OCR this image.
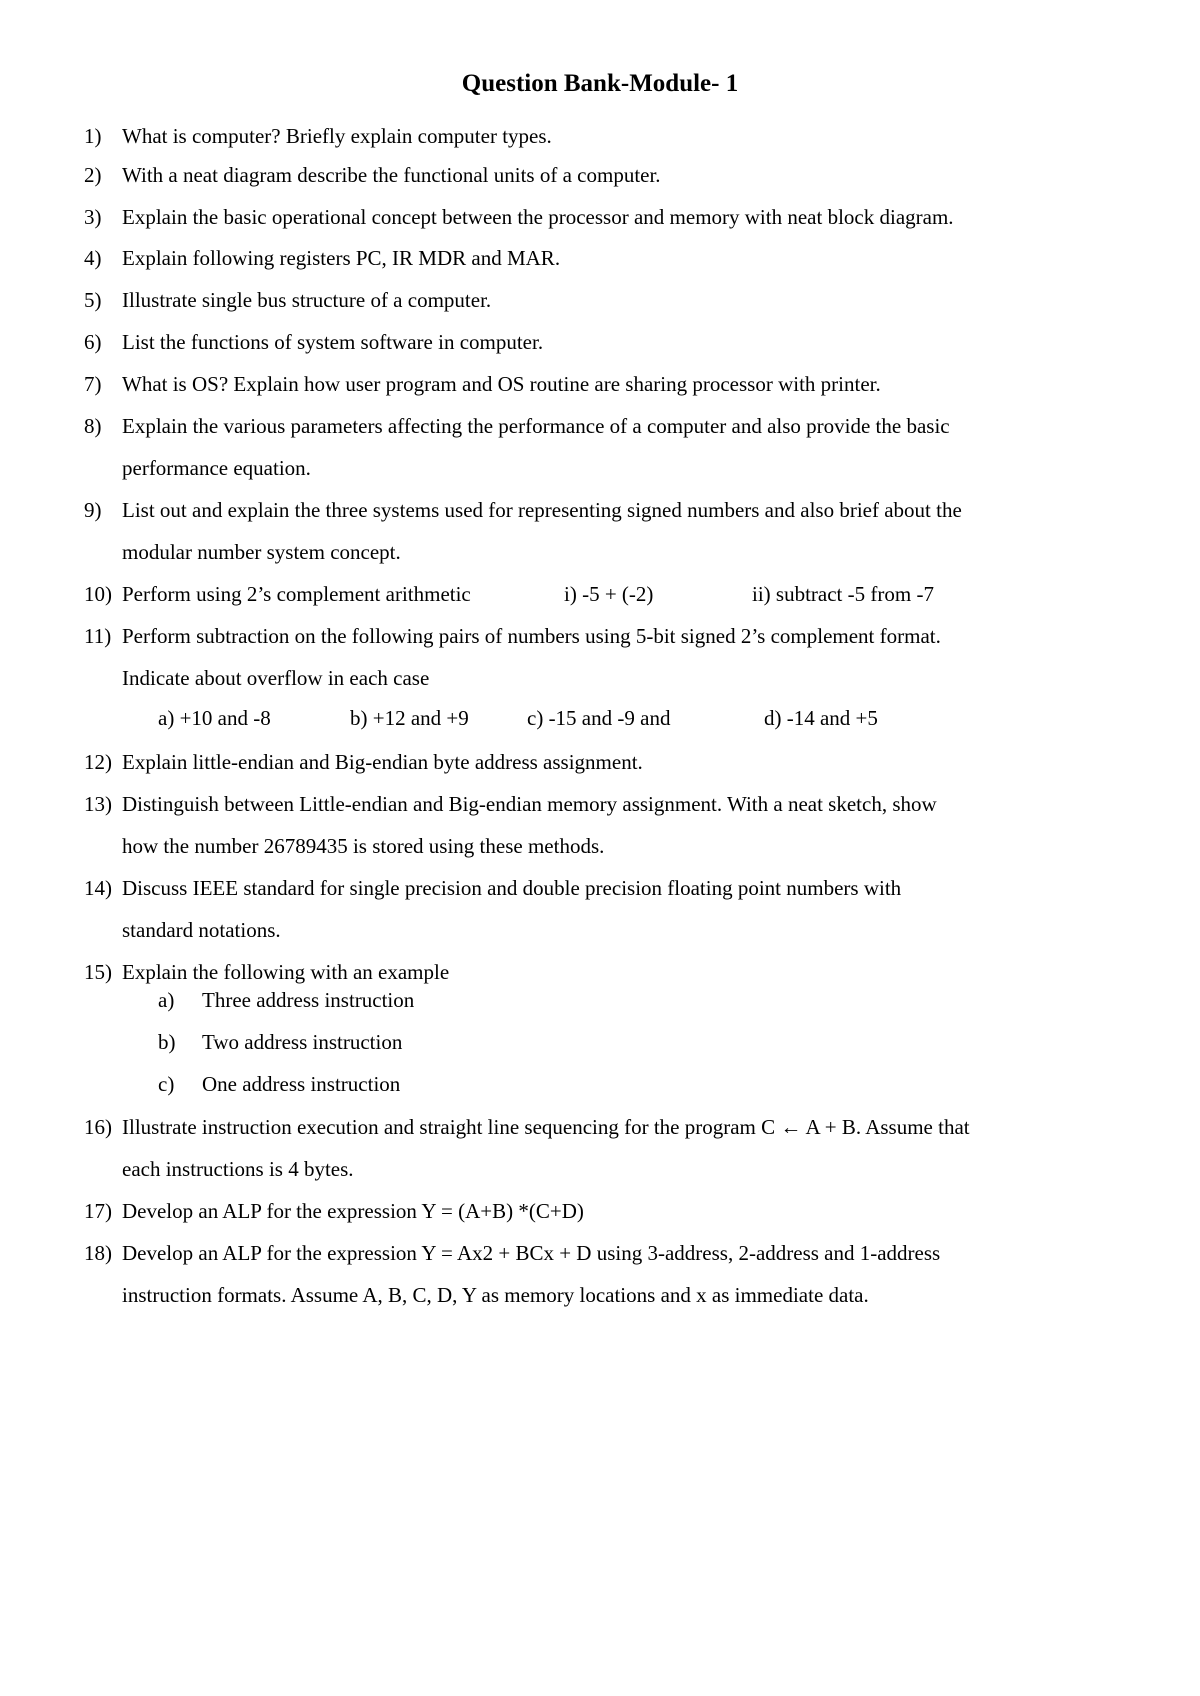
Question Bank-Module- 1
1) What is computer? Briefly explain computer types.
2) With a neat diagram describe the functional units of a computer.
3) Explain the basic operational concept between the processor and memory with neat block diagram.
4) Explain following registers PC, IR MDR and MAR.
5) Illustrate single bus structure of a computer.
6) List the functions of system software in computer.
7) What is OS? Explain how user program and OS routine are sharing processor with printer.
8) Explain the various parameters affecting the performance of a computer and also provide the basic
performance equation.
9) List out and explain the three systems used for representing signed numbers and also brief about the
modular number system concept.
10) Perform using 2’s complement arithmetic	i) -5 + (-2)	ii) subtract -5 from -7
11) Perform subtraction on the following pairs of numbers using 5-bit signed 2’s complement format.
Indicate about overflow in each case
a) +10 and -8	b) +12 and +9	c) -15 and -9 and	d) -14 and +5
12) Explain little-endian and Big-endian byte address assignment.
13) Distinguish between Little-endian and Big-endian memory assignment. With a neat sketch, show
how the number 26789435 is stored using these methods.
14) Discuss IEEE standard for single precision and double precision floating point numbers with
standard notations.
15) Explain the following with an example
a) Three address instruction
b) Two address instruction
c) One address instruction
16) Illustrate instruction execution and straight line sequencing for the program C ← A + B. Assume that
each instructions is 4 bytes.
17) Develop an ALP for the expression Y = (A+B) *(C+D)
18) Develop an ALP for the expression Y = Ax2 + BCx + D using 3-address, 2-address and 1-address
instruction formats. Assume A, B, C, D, Y as memory locations and x as immediate data.
